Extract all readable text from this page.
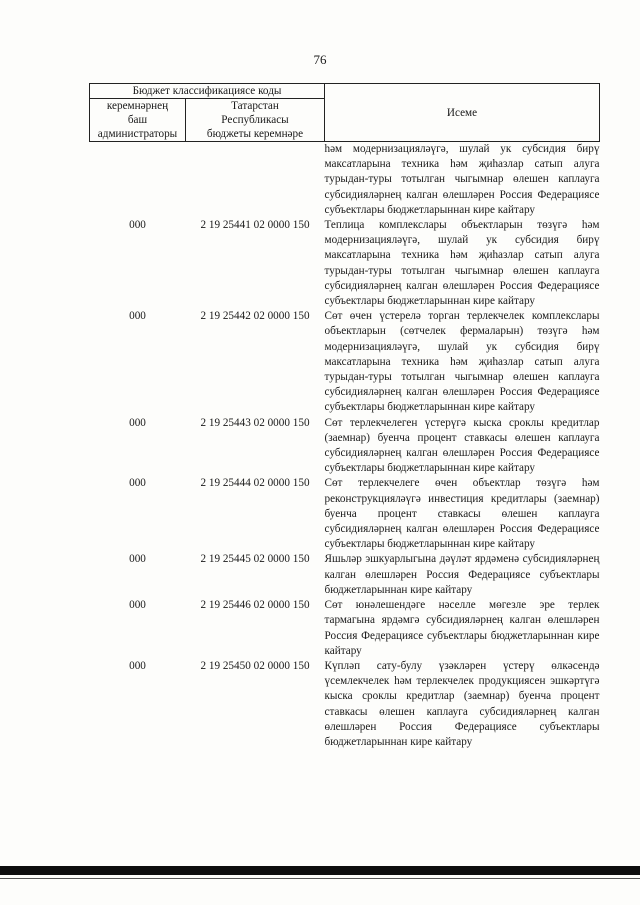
76
Бюджет классификациясе коды		Исеме
керемнәрнең
баш
администраторы	Татарстан
Республикасы
бюджеты керемнәре	
		һәм модернизацияләүгә, шулай ук субсидия бирү максатларына техника һәм җиһазлар сатып алуга турыдан-туры тотылган чыгымнар өлешен каплауга субсидияләрнең калган өлешләрен Россия Федерациясе субъектлары бюджетларыннан кире кайтару
000	2 19 25441 02 0000 150	Теплица комплекслары объектларын төзүгә һәм модернизацияләүгә, шулай ук субсидия бирү максатларына техника һәм җиһазлар сатып алуга турыдан-туры тотылган чыгымнар өлешен каплауга субсидияләрнең калган өлешләрен Россия Федерациясе субъектлары бюджетларыннан кире кайтару
000	2 19 25442 02 0000 150	Сөт өчен үстерелә торган терлекчелек комплекслары объектларын (сөтчелек фермаларын) төзүгә һәм модернизацияләүгә, шулай ук субсидия бирү максатларына техника һәм җиһазлар сатып алуга турыдан-туры тотылган чыгымнар өлешен каплауга субсидияләрнең калган өлешләрен Россия Федерациясе субъектлары бюджетларыннан кире кайтару
000	2 19 25443 02 0000 150	Сөт терлекчелеген үстерүгә кыска сроклы кредитлар (заемнар) буенча процент ставкасы өлешен каплауга субсидияләрнең калган өлешләрен Россия Федерациясе субъектлары бюджетларыннан кире кайтару
000	2 19 25444 02 0000 150	Сөт терлекчелеге өчен объектлар төзүгә һәм реконструкцияләүгә инвестиция кредитлары (заемнар) буенча процент ставкасы өлешен каплауга субсидияләрнең калган өлешләрен Россия Федерациясе субъектлары бюджетларыннан кире кайтару
000	2 19 25445 02 0000 150	Яшьләр эшкуарлыгына дәүләт ярдәменә субсидияләрнең калган өлешләрен Россия Федерациясе субъектлары бюджетларыннан кире кайтару
000	2 19 25446 02 0000 150	Сөт юнәлешендәге нәселле мөгезле эре терлек тармагына ярдәмгә субсидияләрнең калган өлешләрен Россия Федерациясе субъектлары бюджетларыннан кире кайтару
000	2 19 25450 02 0000 150	Күпләп сату-булу үзәкләрен үстерү өлкәсендә үсемлекчелек һәм терлекчелек продукциясен эшкәртүгә кыска сроклы кредитлар (заемнар) буенча процент ставкасы өлешен каплауга субсидияләрнең калган өлешләрен Россия Федерациясе субъектлары бюджетларыннан кире кайтару
